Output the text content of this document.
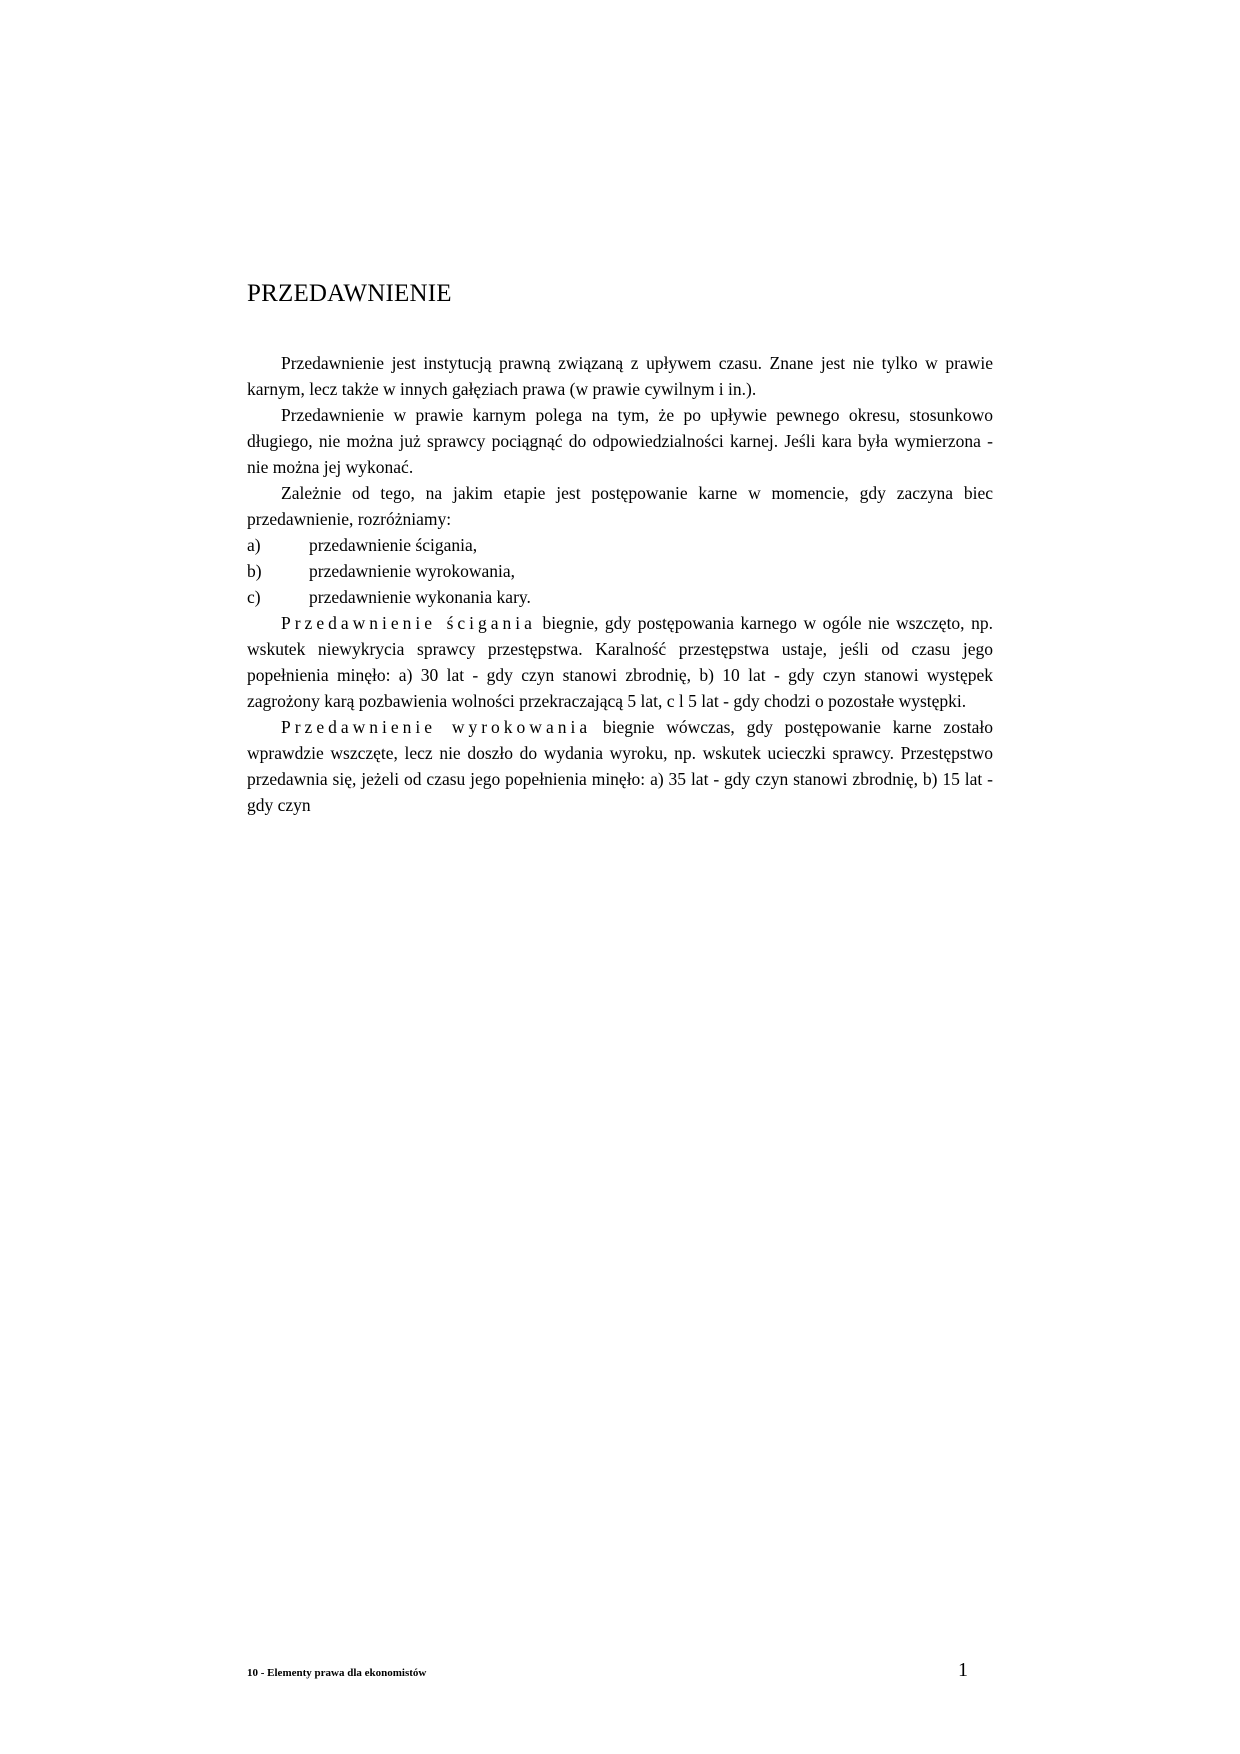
PRZEDAWNIENIE

Przedawnienie jest instytucją prawną związaną z upływem czasu. Znane jest nie tylko w prawie karnym, lecz także w innych gałęziach prawa (w prawie cywilnym i in.).

Przedawnienie w prawie karnym polega na tym, że po upływie pewnego okresu, stosunkowo długiego, nie można już sprawcy pociągnąć do odpowiedzialności karnej. Jeśli kara była wymierzona - nie można jej wykonać.

Zależnie od tego, na jakim etapie jest postępowanie karne w momencie, gdy zaczyna biec przedawnienie, rozróżniamy:

a)	przedawnienie ścigania,
b)	przedawnienie wyrokowania,
c)	przedawnienie wykonania kary.

Przedawnienie ścigania biegnie, gdy postępowania karnego w ogóle nie wszczęto, np. wskutek niewykrycia sprawcy przestępstwa. Karalność przestępstwa ustaje, jeśli od czasu jego popełnienia minęło: a) 30 lat - gdy czyn stanowi zbrodnię, b) 10 lat - gdy czyn stanowi występek zagrożony karą pozbawienia wolności przekraczającą 5 lat, c l 5 lat - gdy chodzi o pozostałe występki.

Przedawnienie wyrokowania biegnie wówczas, gdy postępowanie karne zostało wprawdzie wszczęte, lecz nie doszło do wydania wyroku, np. wskutek ucieczki sprawcy. Przestępstwo przedawnia się, jeżeli od czasu jego popełnienia minęło: a) 35 lat - gdy czyn stanowi zbrodnię, b) 15 lat - gdy czyn

10 - Elementy prawa dla ekonomistów	1
